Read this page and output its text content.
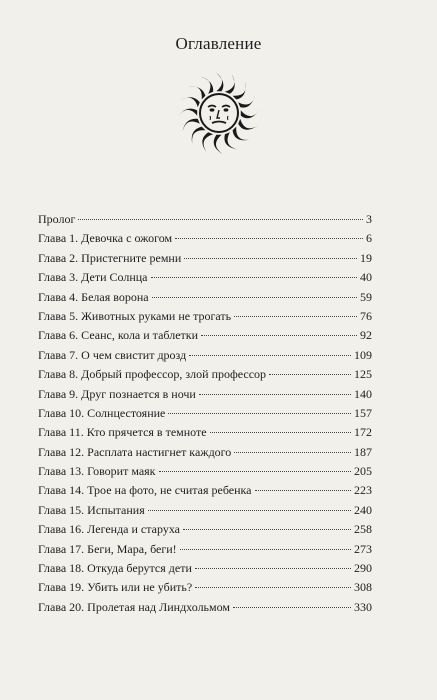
Оглавление
Пролог	3
Глава 1. Девочка с ожогом	6
Глава 2. Пристегните ремни	19
Глава 3. Дети Солнца	40
Глава 4. Белая ворона	59
Глава 5. Животных руками не трогать	76
Глава 6. Сеанс, кола и таблетки	92
Глава 7. О чем свистит дрозд	109
Глава 8. Добрый профессор, злой профессор	125
Глава 9. Друг познается в ночи	140
Глава 10. Солнцестояние	157
Глава 11. Кто прячется в темноте	172
Глава 12. Расплата настигнет каждого	187
Глава 13. Говорит маяк	205
Глава 14. Трое на фото, не считая ребенка	223
Глава 15. Испытания	240
Глава 16. Легенда и старуха	258
Глава 17. Беги, Мара, беги!	273
Глава 18. Откуда берутся дети	290
Глава 19. Убить или не убить?	308
Глава 20. Пролетая над Линдхольмом	330
